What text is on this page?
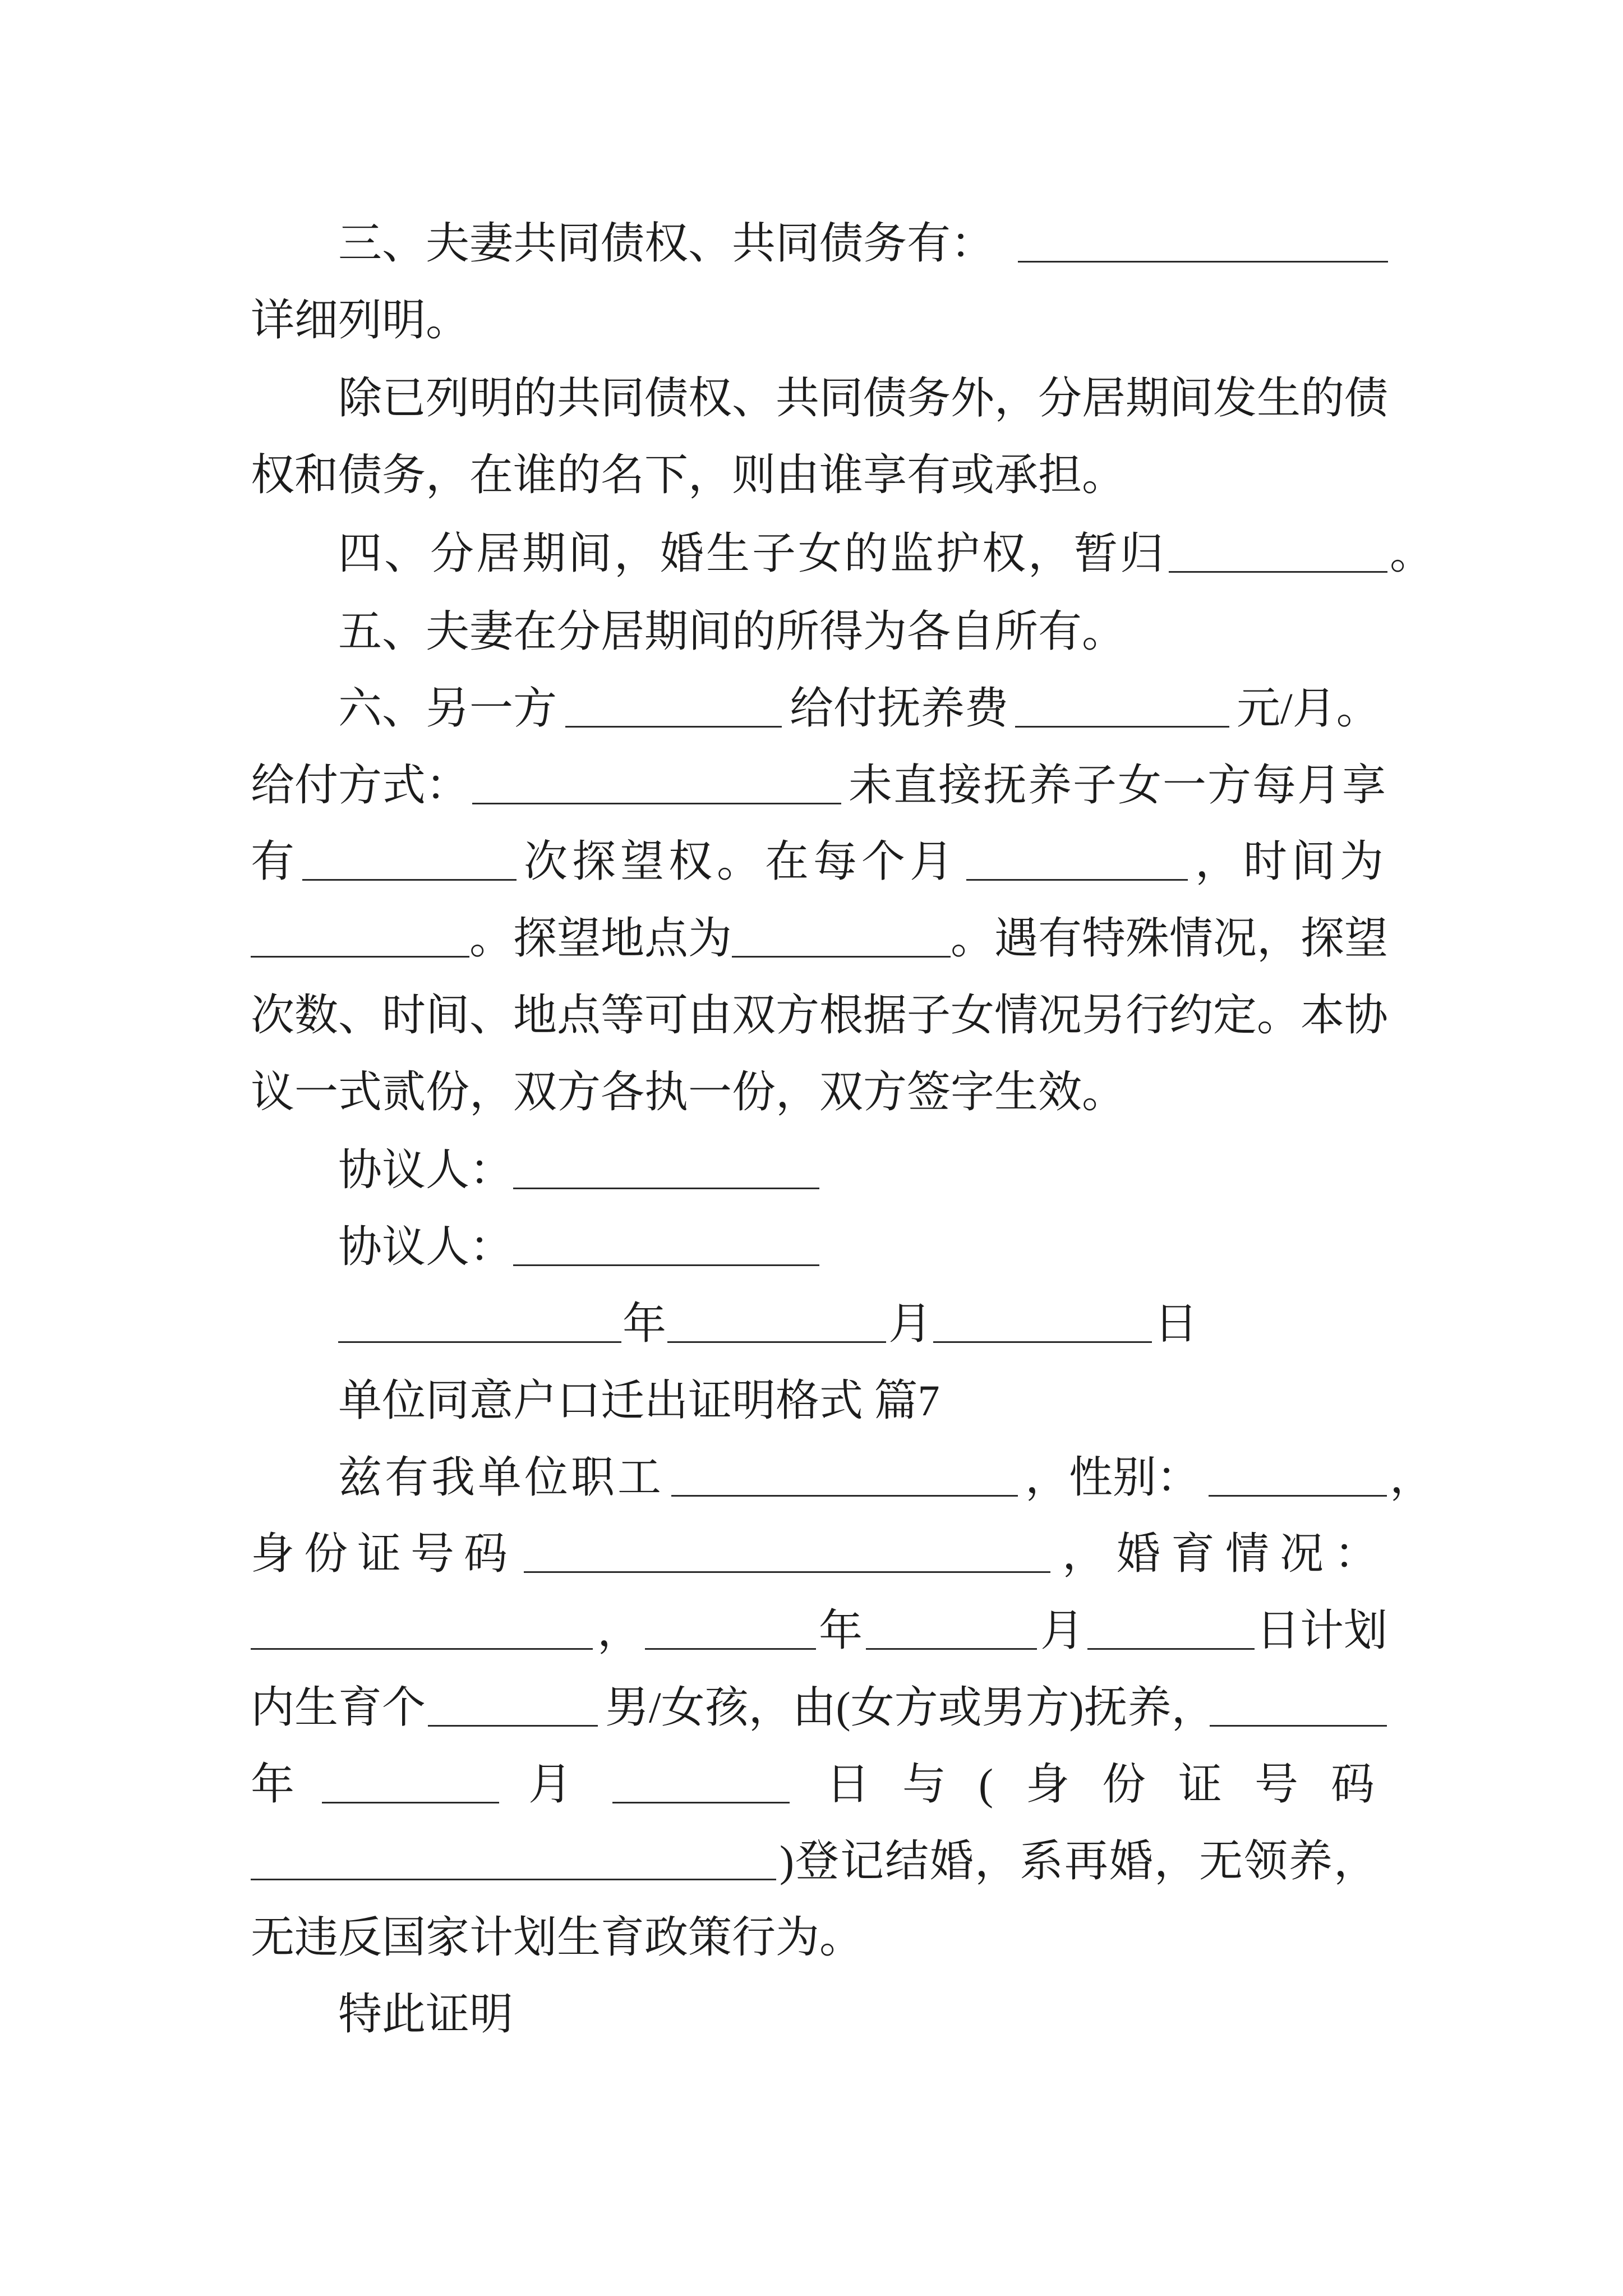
三、夫妻共同债权、共同债务有：
详细列明。
除已列明的共同债权、共同债务外，分居期间发生的债
权和债务，在谁的名下，则由谁享有或承担。
四、分居期间，婚生子女的监护权，暂归	。
五、夫妻在分居期间的所得为各自所有。
六、另一方	给付抚养费	元/月。
给付方式：	未直接抚养子女一方每月享
有	次探望权。在每个月	，时间为
。探望地点为	。遇有特殊情况，探望
次数、时间、地点等可由双方根据子女情况另行约定。本协
议一式贰份，双方各执一份，双方签字生效。
协议人：
协议人：
年	月	日
单位同意户口迁出证明格式 篇7
兹有我单位职工	，性别：	，
身份证号码	，婚育情况：
，	年	月	日计划
内生育个	男/女孩，由(女方或男方)抚养，
年	月	日与(身份证号码
)登记结婚，系再婚，无领养，
无违反国家计划生育政策行为。
特此证明
